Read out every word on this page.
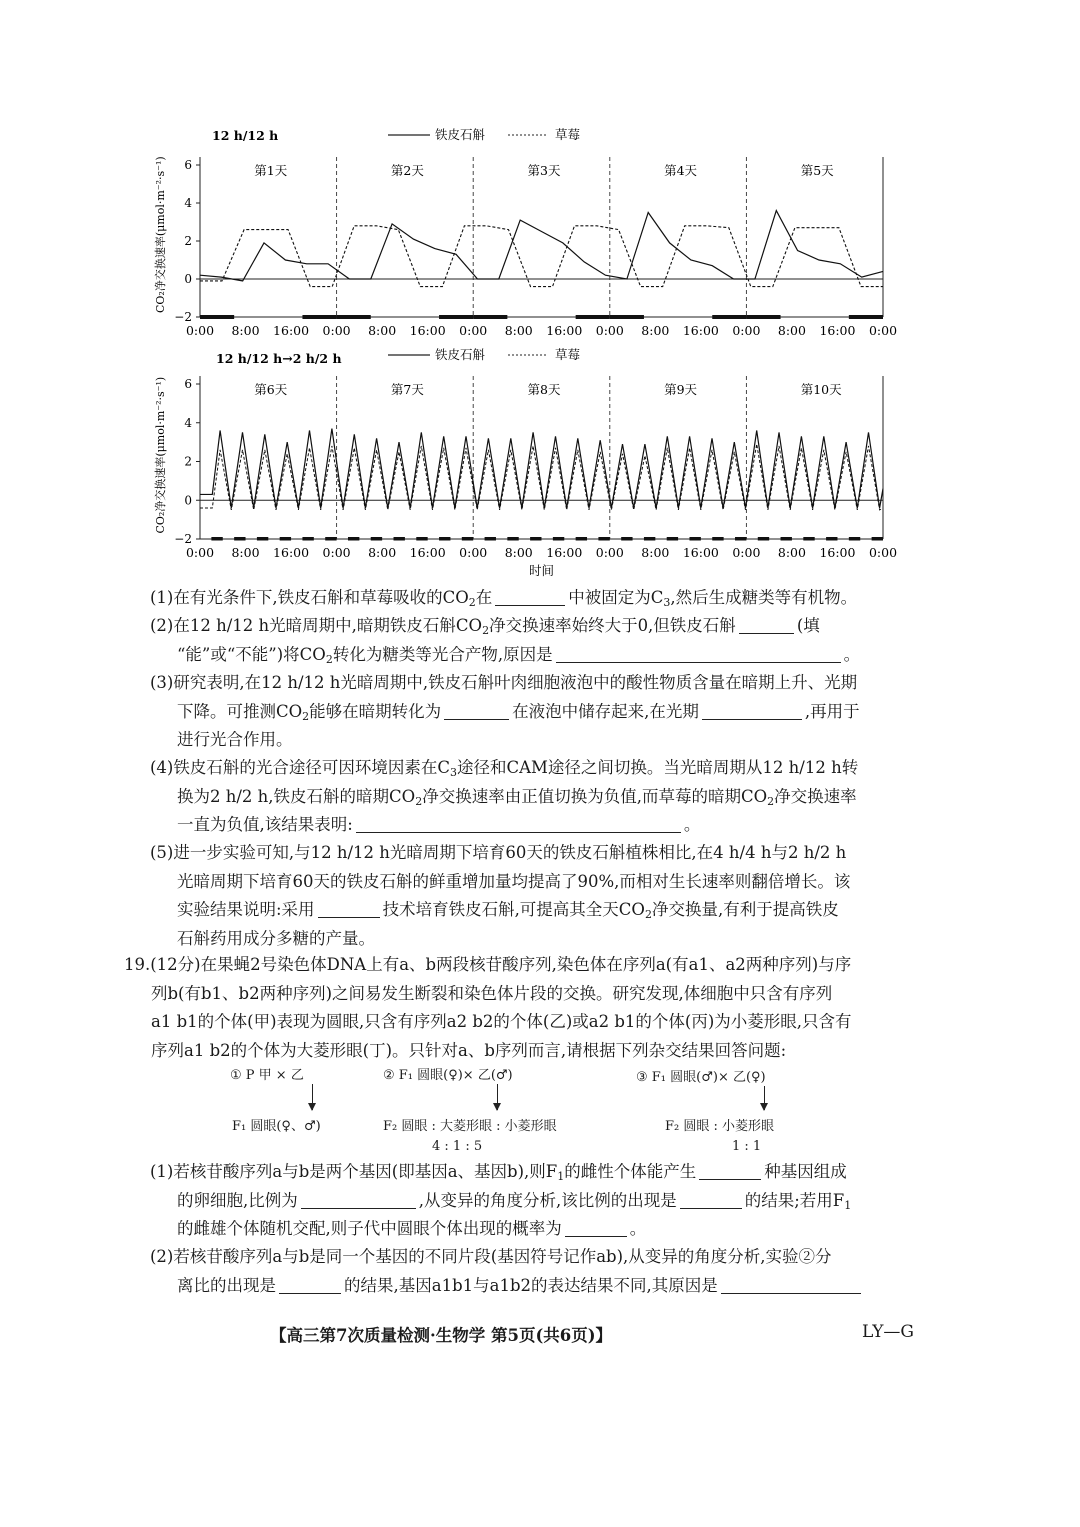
12 h/12 h	铁皮石斛	草莓
CO₂净交换速率(μmol·m⁻²·s⁻¹) 6
4
2
0
−2
第1天	第2天	第3天	第4天	第5天
0:00 8:00 16:00 0:00 8:00 16:00 0:00 8:00 16:00 0:00 8:00 16:00 0:00 8:00 16:00 0:00
12 h/12 h→2 h/2 h	铁皮石斛	草莓
CO₂净交换速率(μmol·m⁻²·s⁻¹) 6
4
2
0
−2
第6天	第7天	第8天	第9天	第10天
0:00 8:00 16:00 0:00 8:00 16:00 0:00 8:00 16:00 0:00 8:00 16:00 0:00 8:00 16:00 0:00
时间
(1)在有光条件下,铁皮石斛和草莓吸收的$CO_2$在	中被固定为$C_3$,然后生成糖类等有机物。
(2)在12 h/12 h光暗周期中,暗期铁皮石斛$CO_2$净交换速率始终大于0,但铁皮石斛	(填
“能”或“不能”)将$CO_2$转化为糖类等光合产物,原因是	。
(3)研究表明,在12 h/12 h光暗周期中,铁皮石斛叶肉细胞液泡中的酸性物质含量在暗期上升、光期
下降。可推测$CO_2$能够在暗期转化为	在液泡中储存起来,在光期	,再用于
进行光合作用。
(4)铁皮石斛的光合途径可因环境因素在$C_3$途径和CAM途径之间切换。当光暗周期从12 h/12 h转
换为2 h/2 h,铁皮石斛的暗期$CO_2$净交换速率由正值切换为负值,而草莓的暗期$CO_2$净交换速率
一直为负值,该结果表明:	。
(5)进一步实验可知,与12 h/12 h光暗周期下培育60天的铁皮石斛植株相比,在4 h/4 h与2 h/2 h
光暗周期下培育60天的铁皮石斛的鲜重增加量均提高了90%,而相对生长速率则翻倍增长。该
实验结果说明:采用	技术培育铁皮石斛,可提高其全天$CO_2$净交换量,有利于提高铁皮
石斛药用成分多糖的产量。
19.(12分)在果蝇2号染色体DNA上有a、b两段核苷酸序列,染色体在序列a(有a1、a2两种序列)与序
列b(有b1、b2两种序列)之间易发生断裂和染色体片段的交换。研究发现,体细胞中只含有序列
a1 b1的个体(甲)表现为圆眼,只含有序列a2 b2的个体(乙)或a2 b1的个体(丙)为小菱形眼,只含有
序列a1 b2的个体为大菱形眼(丁)。只针对a、b序列而言,请根据下列杂交结果回答问题:
① P 甲 × 乙
F₁ 圆眼(♀、♂)
② F₁ 圆眼(♀)× 乙(♂)
F₂ 圆眼 : 大菱形眼 : 小菱形眼
4 : 1 : 5
③ F₁ 圆眼(♂)× 乙(♀)
F₂ 圆眼 : 小菱形眼
1 : 1
(1)若核苷酸序列a与b是两个基因(即基因a、基因b),则$F_1$的雌性个体能产生	种基因组成
的卵细胞,比例为	,从变异的角度分析,该比例的出现是	的结果;若用$F_1$
的雌雄个体随机交配,则子代中圆眼个体出现的概率为	。
(2)若核苷酸序列a与b是同一个基因的不同片段(基因符号记作ab),从变异的角度分析,实验②分
离比的出现是	的结果,基因a1b1与a1b2的表达结果不同,其原因是
【高三第7次质量检测·生物学 第5页(共6页)】	LY—G
